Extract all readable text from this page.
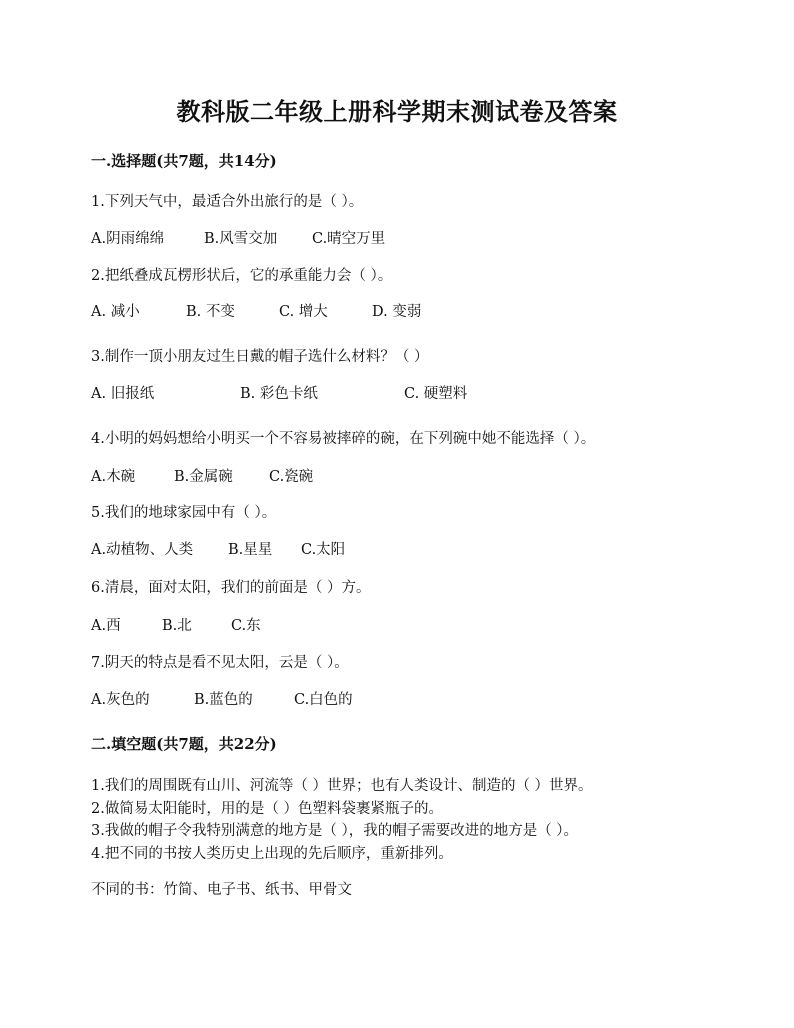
教科版二年级上册科学期末测试卷及答案
一.选择题(共7题，共14分)
1.下列天气中，最适合外出旅行的是（ ）。
A.阴雨绵绵	B.风雪交加 C.晴空万里
2.把纸叠成瓦楞形状后，它的承重能力会（ ）。
A. 减小	B. 不变	C. 增大	D. 变弱
3.制作一顶小朋友过生日戴的帽子选什么材料？（ ）
A. 旧报纸	B. 彩色卡纸	C. 硬塑料
4.小明的妈妈想给小明买一个不容易被摔碎的碗，在下列碗中她不能选择（ ）。
A.木碗	B.金属碗 C.瓷碗
5.我们的地球家园中有（ ）。
A.动植物、人类 B.星星 C.太阳
6.清晨，面对太阳，我们的前面是（ ）方。
A.西	B.北	C.东
7.阴天的特点是看不见太阳，云是（ ）。
A.灰色的	B.蓝色的	C.白色的
二.填空题(共7题，共22分)
1.我们的周围既有山川、河流等（ ）世界；也有人类设计、制造的（ ）世界。
2.做简易太阳能时，用的是（ ）色塑料袋裹紧瓶子的。
3.我做的帽子令我特别满意的地方是（ ），我的帽子需要改进的地方是（ ）。
4.把不同的书按人类历史上出现的先后顺序，重新排列。
不同的书：竹简、电子书、纸书、甲骨文
